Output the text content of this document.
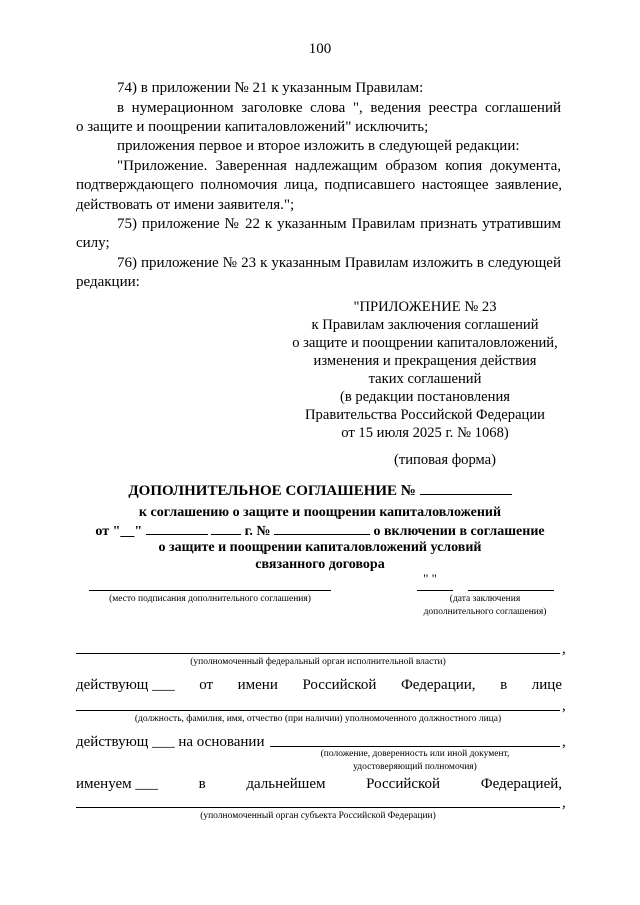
100
74) в приложении № 21 к указанным Правилам:
в нумерационном заголовке слова ", ведения реестра соглашений
о защите и поощрении капиталовложений" исключить;
приложения первое и второе изложить в следующей редакции:
"Приложение. Заверенная надлежащим образом копия документа,
подтверждающего полномочия лица, подписавшего настоящее заявление,
действовать от имени заявителя.";
75) приложение № 22 к указанным Правилам признать утратившим
силу;
76) приложение № 23 к указанным Правилам изложить в следующей
редакции:
"ПРИЛОЖЕНИЕ № 23
к Правилам заключения соглашений
о защите и поощрении капиталовложений,
изменения и прекращения действия
таких соглашений
(в редакции постановления
Правительства Российской Федерации
от 15 июля 2025 г. № 1068)
(типовая форма)
ДОПОЛНИТЕЛЬНОЕ СОГЛАШЕНИЕ №
к соглашению о защите и поощрении капиталовложений
от "__"	г. №	о включении в соглашение
о защите и поощрении капиталовложений условий
связанного договора
(место подписания дополнительного соглашения)
" "
(дата заключения
дополнительного соглашения)
,
(уполномоченный федеральный орган исполнительной власти)
действующ ___ от имени Российской Федерации, в лице
,
(должность, фамилия, имя, отчество (при наличии) уполномоченного должностного лица)
действующ ___ на основании	,
(положение, доверенность или иной документ,
удостоверяющий полномочия)
именуем ___	в	дальнейшем	Российской	Федерацией,
,
(уполномоченный орган субъекта Российской Федерации)
